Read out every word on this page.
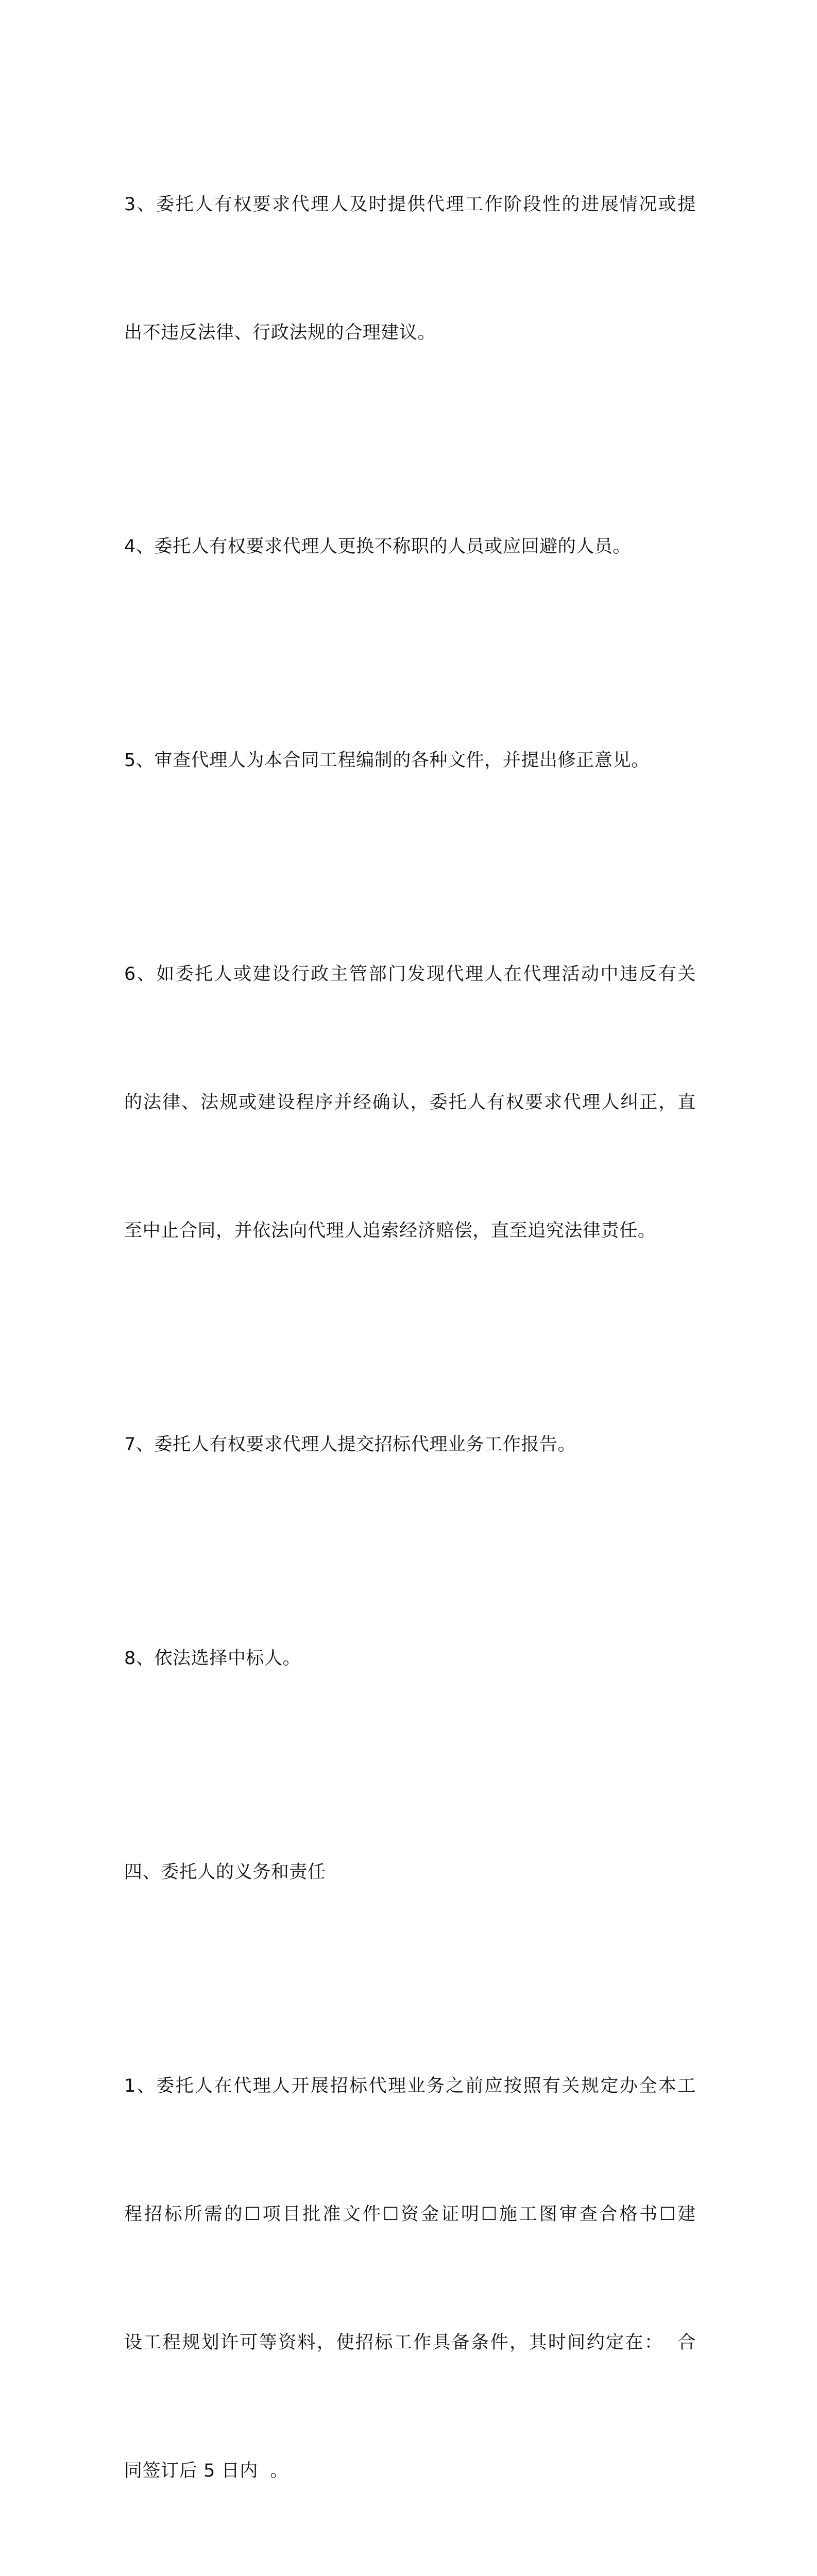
3、委托人有权要求代理人及时提供代理工作阶段性的进展情况或提

出不违反法律、行政法规的合理建议。

4、委托人有权要求代理人更换不称职的人员或应回避的人员。

5、审查代理人为本合同工程编制的各种文件，并提出修正意见。

6、如委托人或建设行政主管部门发现代理人在代理活动中违反有关

的法律、法规或建设程序并经确认，委托人有权要求代理人纠正，直

至中止合同，并依法向代理人追索经济赔偿，直至追究法律责任。

7、委托人有权要求代理人提交招标代理业务工作报告。

8、依法选择中标人。

四、委托人的义务和责任

1、委托人在代理人开展招标代理业务之前应按照有关规定办全本工

程招标所需的☐项目批准文件☐资金证明☐施工图审查合格书☐建

设工程规划许可等资料，使招标工作具备条件，其时间约定在：  合

同签订后 5 日内  。
